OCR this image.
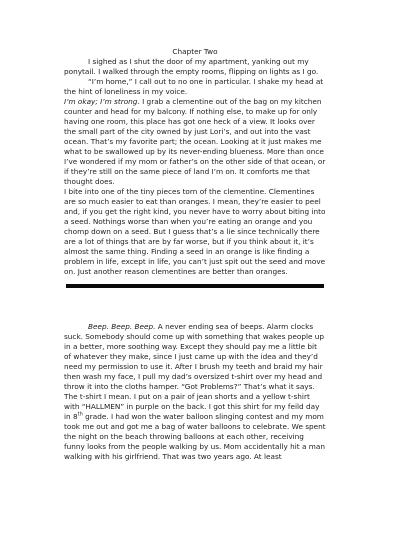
Chapter Two

I sighed as I shut the door of my apartment, yanking out my ponytail. I walked through the empty rooms, flipping on lights as I go.

“I’m home,” I call out to no one in particular. I shake my head at the hint of loneliness in my voice.

I’m okay; I’m strong. I grab a clementine out of the bag on my kitchen counter and head for my balcony. If nothing else, to make up for only having one room, this place has got one heck of a view. It looks over the small part of the city owned by just Lori’s, and out into the vast ocean. That’s my favorite part; the ocean. Looking at it just makes me what to be swallowed up by its never-ending blueness. More than once I’ve wondered if my mom or father’s on the other side of that ocean, or if they’re still on the same piece of land I’m on. It comforts me that thought does.

I bite into one of the tiny pieces torn of the clementine. Clementines are so much easier to eat than oranges. I mean, they’re easier to peel and, if you get the right kind, you never have to worry about biting into a seed. Nothings worse than when you’re eating an orange and you chomp down on a seed. But I guess that’s a lie since technically there are a lot of things that are by far worse, but if you think about it, it’s almost the same thing. Finding a seed in an orange is like finding a problem in life, except in life, you can’t just spit out the seed and move on. Just another reason clementines are better than oranges.

Beep. Beep. Beep. A never ending sea of beeps. Alarm clocks suck. Somebody should come up with something that wakes people up in a better, more soothing way. Except they should pay me a little bit of whatever they make, since I just came up with the idea and they’d need my permission to use it. After I brush my teeth and braid my hair then wash my face, I pull my dad’s oversized t-shirt over my head and throw it into the cloths hamper. “Got Problems?” That’s what it says. The t-shirt I mean. I put on a pair of jean shorts and a yellow t-shirt with “HALLMEN” in purple on the back. I got this shirt for my feild day in 8th grade. I had won the water balloon slinging contest and my mom took me out and got me a bag of water balloons to celebrate. We spent the night on the beach throwing balloons at each other, receiving funny looks from the people walking by us. Mom accidentally hit a man walking with his girlfriend. That was two years ago. At least
